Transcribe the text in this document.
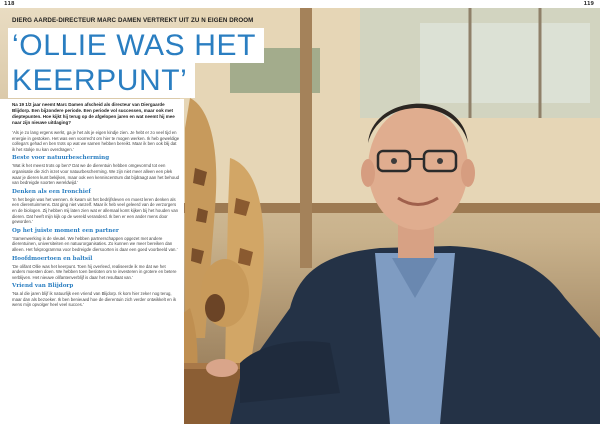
118	119
DIERG AARDE-DIRECTEUR MARC DAMEN VERTREKT UIT ZU N EIGEN DROOM
‘OLLIE WAS HET
KEERPUNT’

Na 19 1/2 jaar neemt Marc Damen afscheid als directeur van Diergaarde Blijdorp. Een bijzondere periode. Een periode vol successen, maar ook met dieptepunten. Hoe kijkt hij terug op de afgelopen jaren en wat neemt hij mee naar zijn nieuwe uitdaging?

‘Als je zo lang ergens werkt, ga je het als je eigen kindje zien. Je hebt er zo veel tijd en energie in gestoken. Het was een voorrecht om hier te mogen werken. Ik heb geweldige collega’s gehad en ben trots op wat we samen hebben bereikt. Maar ik ben ook blij dat ik het stokje nu kan overdragen.’

Beste voor natuurbescherming

‘Wat ik het meest trots op ben? Dat we de dierentuin hebben omgevormd tot een organisatie die zich inzet voor natuurbescherming. We zijn niet meer alleen een plek waar je dieren kunt bekijken, maar ook een kenniscentrum dat bijdraagt aan het behoud van bedreigde soorten wereldwijd.’

Denken als een Ironchief

‘In het begin was het wennen. Ik kwam uit het bedrijfsleven en moest leren denken als een dierentuinmens. Dat ging niet vanzelf. Maar ik heb veel geleerd van de verzorgers en de biologen. Zij hebben mij laten zien wat er allemaal komt kijken bij het houden van dieren. Dat heeft mijn kijk op de wereld veranderd. Ik ben er een ander mens door geworden.’

Op het juiste moment een partner

‘Samenwerking is de sleutel. We hebben partnerschappen opgezet met andere dierentuinen, universiteiten en natuurorganisaties. Zo kunnen we meer bereiken dan alleen. Het fokprogramma voor bedreigde diersoorten is daar een goed voorbeeld van.’

Hoofdmoertoen en baltsil

‘De olifant Ollie was het keerpunt. Toen hij overleed, realiseerde ik me dat we het anders moesten doen. We hebben toen besloten om te investeren in grotere en betere verblijven. Het nieuwe olifantenverblijf is daar het resultaat van.’

Vriend van Blijdorp

‘Na al die jaren blijf ik natuurlijk een vriend van Blijdorp. Ik kom hier zeker nog terug, maar dan als bezoeker. Ik ben benieuwd hoe de dierentuin zich verder ontwikkelt en ik wens mijn opvolger heel veel succes.’
